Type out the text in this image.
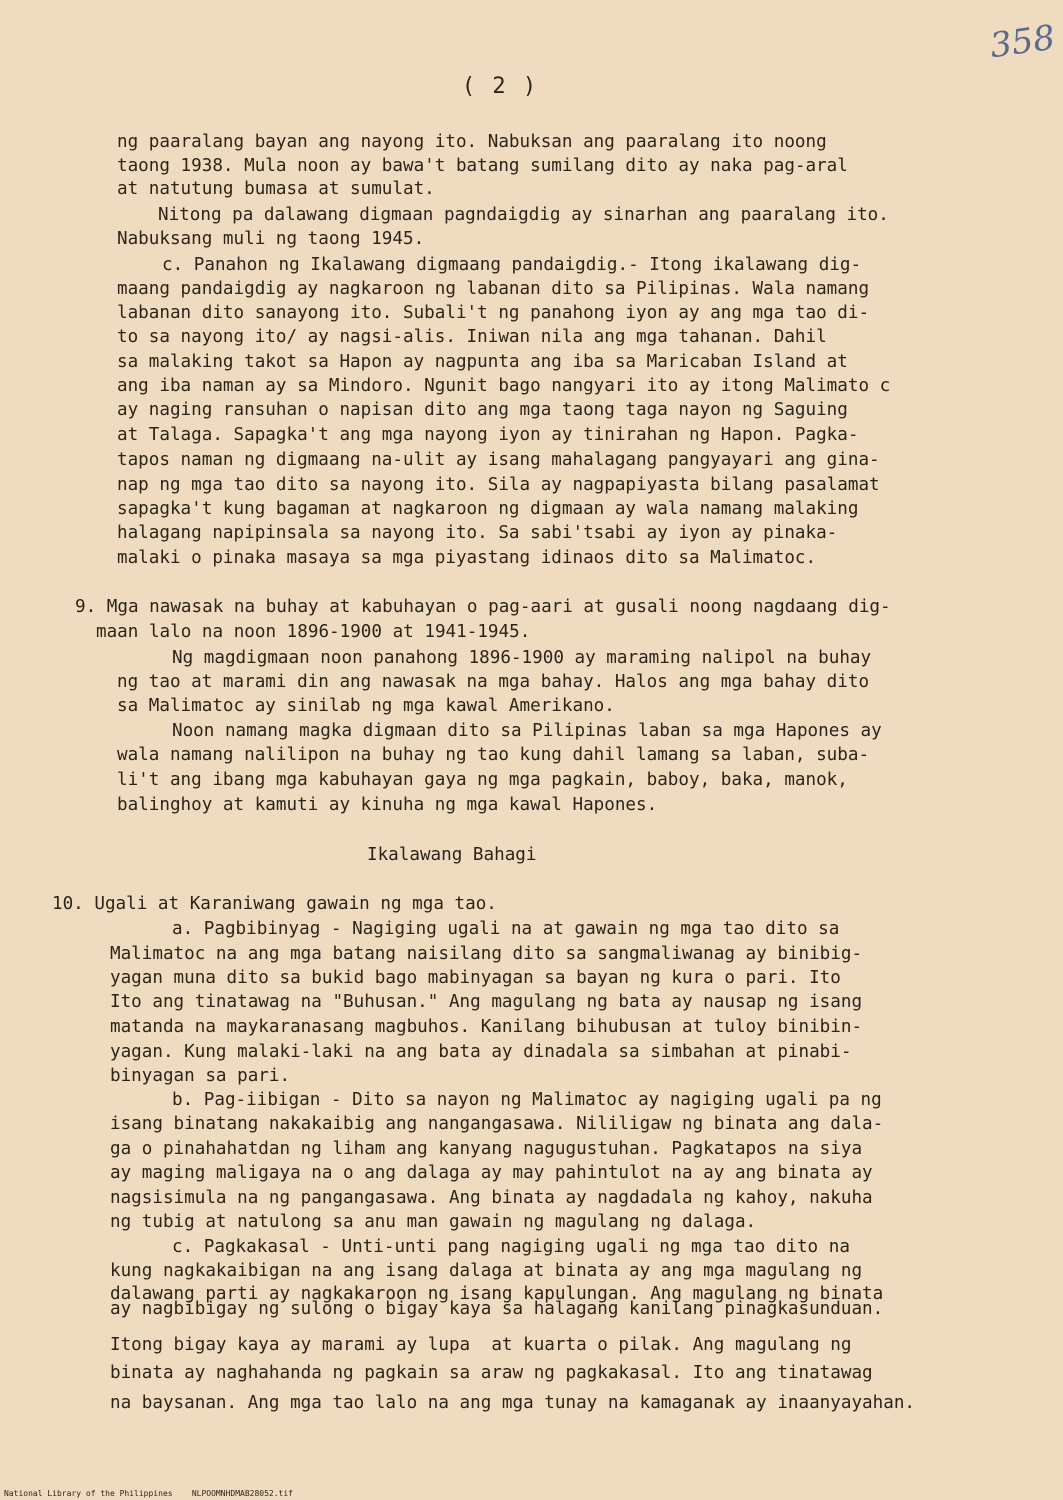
358
( 2 )
ng paaralang bayan ang nayong ito. Nabuksan ang paaralang ito noong
taong 1938. Mula noon ay bawa't batang sumilang dito ay naka pag-aral
at natutung bumasa at sumulat.
Nitong pa dalawang digmaan pagndaigdig ay sinarhan ang paaralang ito.
Nabuksang muli ng taong 1945.
c. Panahon ng Ikalawang digmaang pandaigdig.- Itong ikalawang dig-
maang pandaigdig ay nagkaroon ng labanan dito sa Pilipinas. Wala namang
labanan dito sanayong ito. Subali't ng panahong iyon ay ang mga tao di-
to sa nayong ito/ ay nagsi-alis. Iniwan nila ang mga tahanan. Dahil
sa malaking takot sa Hapon ay nagpunta ang iba sa Maricaban Island at
ang iba naman ay sa Mindoro. Ngunit bago nangyari ito ay itong Malimato c
ay naging ransuhan o napisan dito ang mga taong taga nayon ng Saguing
at Talaga. Sapagka't ang mga nayong iyon ay tinirahan ng Hapon. Pagka-
tapos naman ng digmaang na-ulit ay isang mahalagang pangyayari ang gina-
nap ng mga tao dito sa nayong ito. Sila ay nagpapiyasta bilang pasalamat
sapagka't kung bagaman at nagkaroon ng digmaan ay wala namang malaking
halagang napipinsala sa nayong ito. Sa sabi'tsabi ay iyon ay pinaka-
malaki o pinaka masaya sa mga piyastang idinaos dito sa Malimatoc.
9. Mga nawasak na buhay at kabuhayan o pag-aari at gusali noong nagdaang dig-
maan lalo na noon 1896-1900 at 1941-1945.
Ng magdigmaan noon panahong 1896-1900 ay maraming nalipol na buhay
ng tao at marami din ang nawasak na mga bahay. Halos ang mga bahay dito
sa Malimatoc ay sinilab ng mga kawal Amerikano.
Noon namang magka digmaan dito sa Pilipinas laban sa mga Hapones ay
wala namang nalilipon na buhay ng tao kung dahil lamang sa laban, suba-
li't ang ibang mga kabuhayan gaya ng mga pagkain, baboy, baka, manok,
balinghoy at kamuti ay kinuha ng mga kawal Hapones.
Ikalawang Bahagi
10. Ugali at Karaniwang gawain ng mga tao.
a. Pagbibinyag - Nagiging ugali na at gawain ng mga tao dito sa
Malimatoc na ang mga batang naisilang dito sa sangmaliwanag ay binibig-
yagan muna dito sa bukid bago mabinyagan sa bayan ng kura o pari. Ito
Ito ang tinatawag na "Buhusan." Ang magulang ng bata ay nausap ng isang
matanda na maykaranasang magbuhos. Kanilang bihubusan at tuloy binibin-
yagan. Kung malaki-laki na ang bata ay dinadala sa simbahan at pinabi-
binyagan sa pari.
b. Pag-iibigan - Dito sa nayon ng Malimatoc ay nagiging ugali pa ng
isang binatang nakakaibig ang nangangasawa. Nililigaw ng binata ang dala-
ga o pinahahatdan ng liham ang kanyang nagugustuhan. Pagkatapos na siya
ay maging maligaya na o ang dalaga ay may pahintulot na ay ang binata ay
nagsisimula na ng pangangasawa. Ang binata ay nagdadala ng kahoy, nakuha
ng tubig at natulong sa anu man gawain ng magulang ng dalaga.
c. Pagkakasal - Unti-unti pang nagiging ugali ng mga tao dito na
kung nagkakaibigan na ang isang dalaga at binata ay ang mga magulang ng
dalawang parti ay nagkakaroon ng isang kapulungan. Ang magulang ng binata
ay nagbibigay ng sulong o bigay kaya sa halagang kanilang pinagkasunduan.
Itong bigay kaya ay marami ay lupa  at kuarta o pilak. Ang magulang ng
binata ay naghahanda ng pagkain sa araw ng pagkakasal. Ito ang tinatawag
na baysanan. Ang mga tao lalo na ang mga tunay na kamaganak ay inaanyayahan.
National Library of the Philippines    NLPOOMNHDMAB28052.tif
